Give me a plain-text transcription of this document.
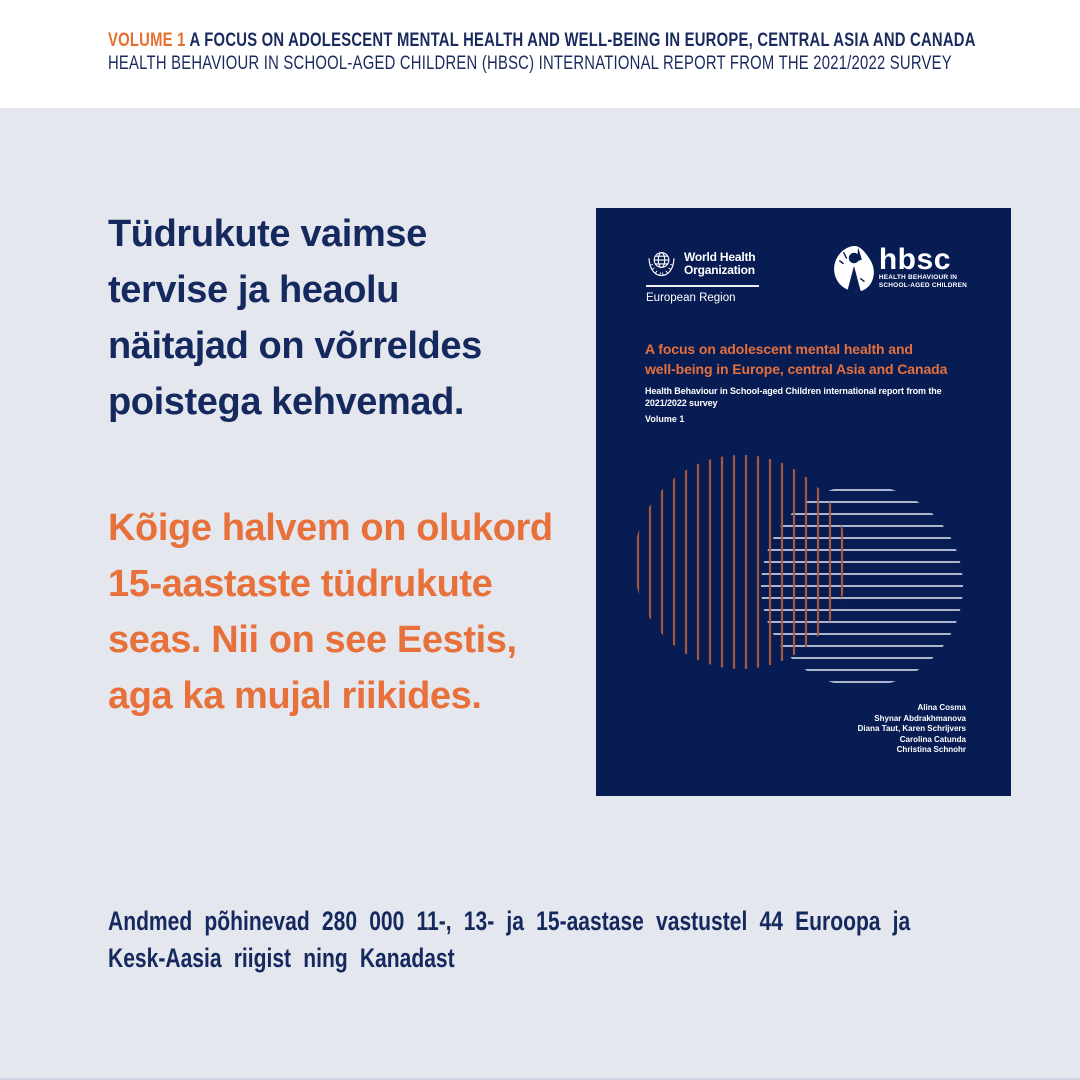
VOLUME 1 A FOCUS ON ADOLESCENT MENTAL HEALTH AND WELL-BEING IN EUROPE, CENTRAL ASIA AND CANADA
HEALTH BEHAVIOUR IN SCHOOL-AGED CHILDREN (HBSC) INTERNATIONAL REPORT FROM THE 2021/2022 SURVEY
Tüdrukute vaimse
tervise ja heaolu
näitajad on võrreldes
poistega kehvemad.
Kõige halvem on olukord
15-aastaste tüdrukute
seas. Nii on see Eestis,
aga ka mujal riikides.
World Health
Organization
European Region
hbsc
HEALTH BEHAVIOUR IN
SCHOOL-AGED CHILDREN
A focus on adolescent mental health and
well-being in Europe, central Asia and Canada
Health Behaviour in School-aged Children international report from the
2021/2022 survey
Volume 1
Alina Cosma
Shynar Abdrakhmanova
Diana Taut, Karen Schrijvers
Carolina Catunda
Christina Schnohr
Andmed põhinevad 280 000 11-, 13- ja 15-aastase vastustel 44 Euroopa ja
Kesk-Aasia riigist ning Kanadast
